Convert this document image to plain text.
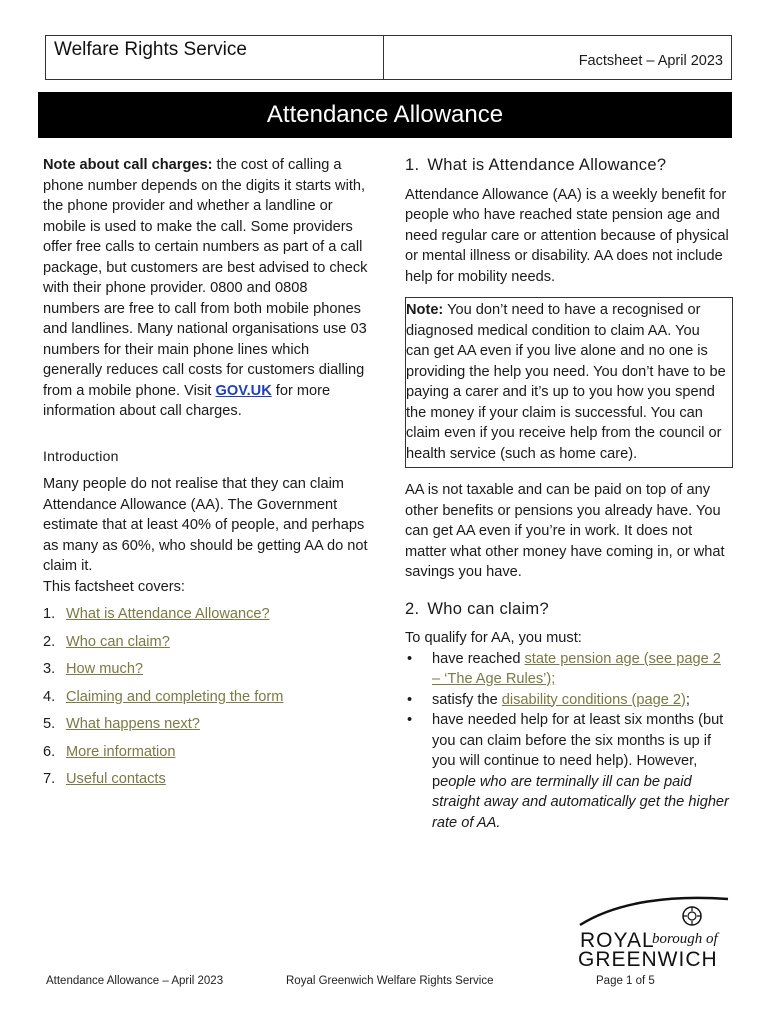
Welfare Rights Service
Factsheet – April 2023
Attendance Allowance

Note about call charges: the cost of calling a phone number depends on the digits it starts with, the phone provider and whether a landline or mobile is used to make the call. Some providers offer free calls to certain numbers as part of a call package, but customers are best advised to check with their phone provider. 0800 and 0808 numbers are free to call from both mobile phones and landlines. Many national organisations use 03 numbers for their main phone lines which generally reduces call costs for customers dialling from a mobile phone. Visit GOV.UK for more information about call charges.

Introduction

Many people do not realise that they can claim Attendance Allowance (AA). The Government estimate that at least 40% of people, and perhaps as many as 60%, who should be getting AA do not claim it.

This factsheet covers:

1. What is Attendance Allowance?
2. Who can claim?
3. How much?
4. Claiming and completing the form
5. What happens next?
6. More information
7. Useful contacts
1. What is Attendance Allowance?

Attendance Allowance (AA) is a weekly benefit for people who have reached state pension age and need regular care or attention because of physical or mental illness or disability. AA does not include help for mobility needs.

Note: You don’t need to have a recognised or diagnosed medical condition to claim AA. You can get AA even if you live alone and no one is providing the help you need. You don’t have to be paying a carer and it’s up to you how you spend the money if your claim is successful. You can claim even if you receive help from the council or health service (such as home care).

AA is not taxable and can be paid on top of any other benefits or pensions you already have. You can get AA even if you’re in work. It does not matter what other money have coming in, or what savings you have.

2. Who can claim?

To qualify for AA, you must:

• have reached state pension age (see page 2 – ‘The Age Rules’);
• satisfy the disability conditions (page 2);
• have needed help for at least six months (but you can claim before the six months is up if you will continue to need help). However, people who are terminally ill can be paid straight away and automatically get the higher rate of AA.
ROYAL
borough of
GREENWICH
Attendance Allowance – April 2023	Royal Greenwich Welfare Rights Service	Page 1 of 5
